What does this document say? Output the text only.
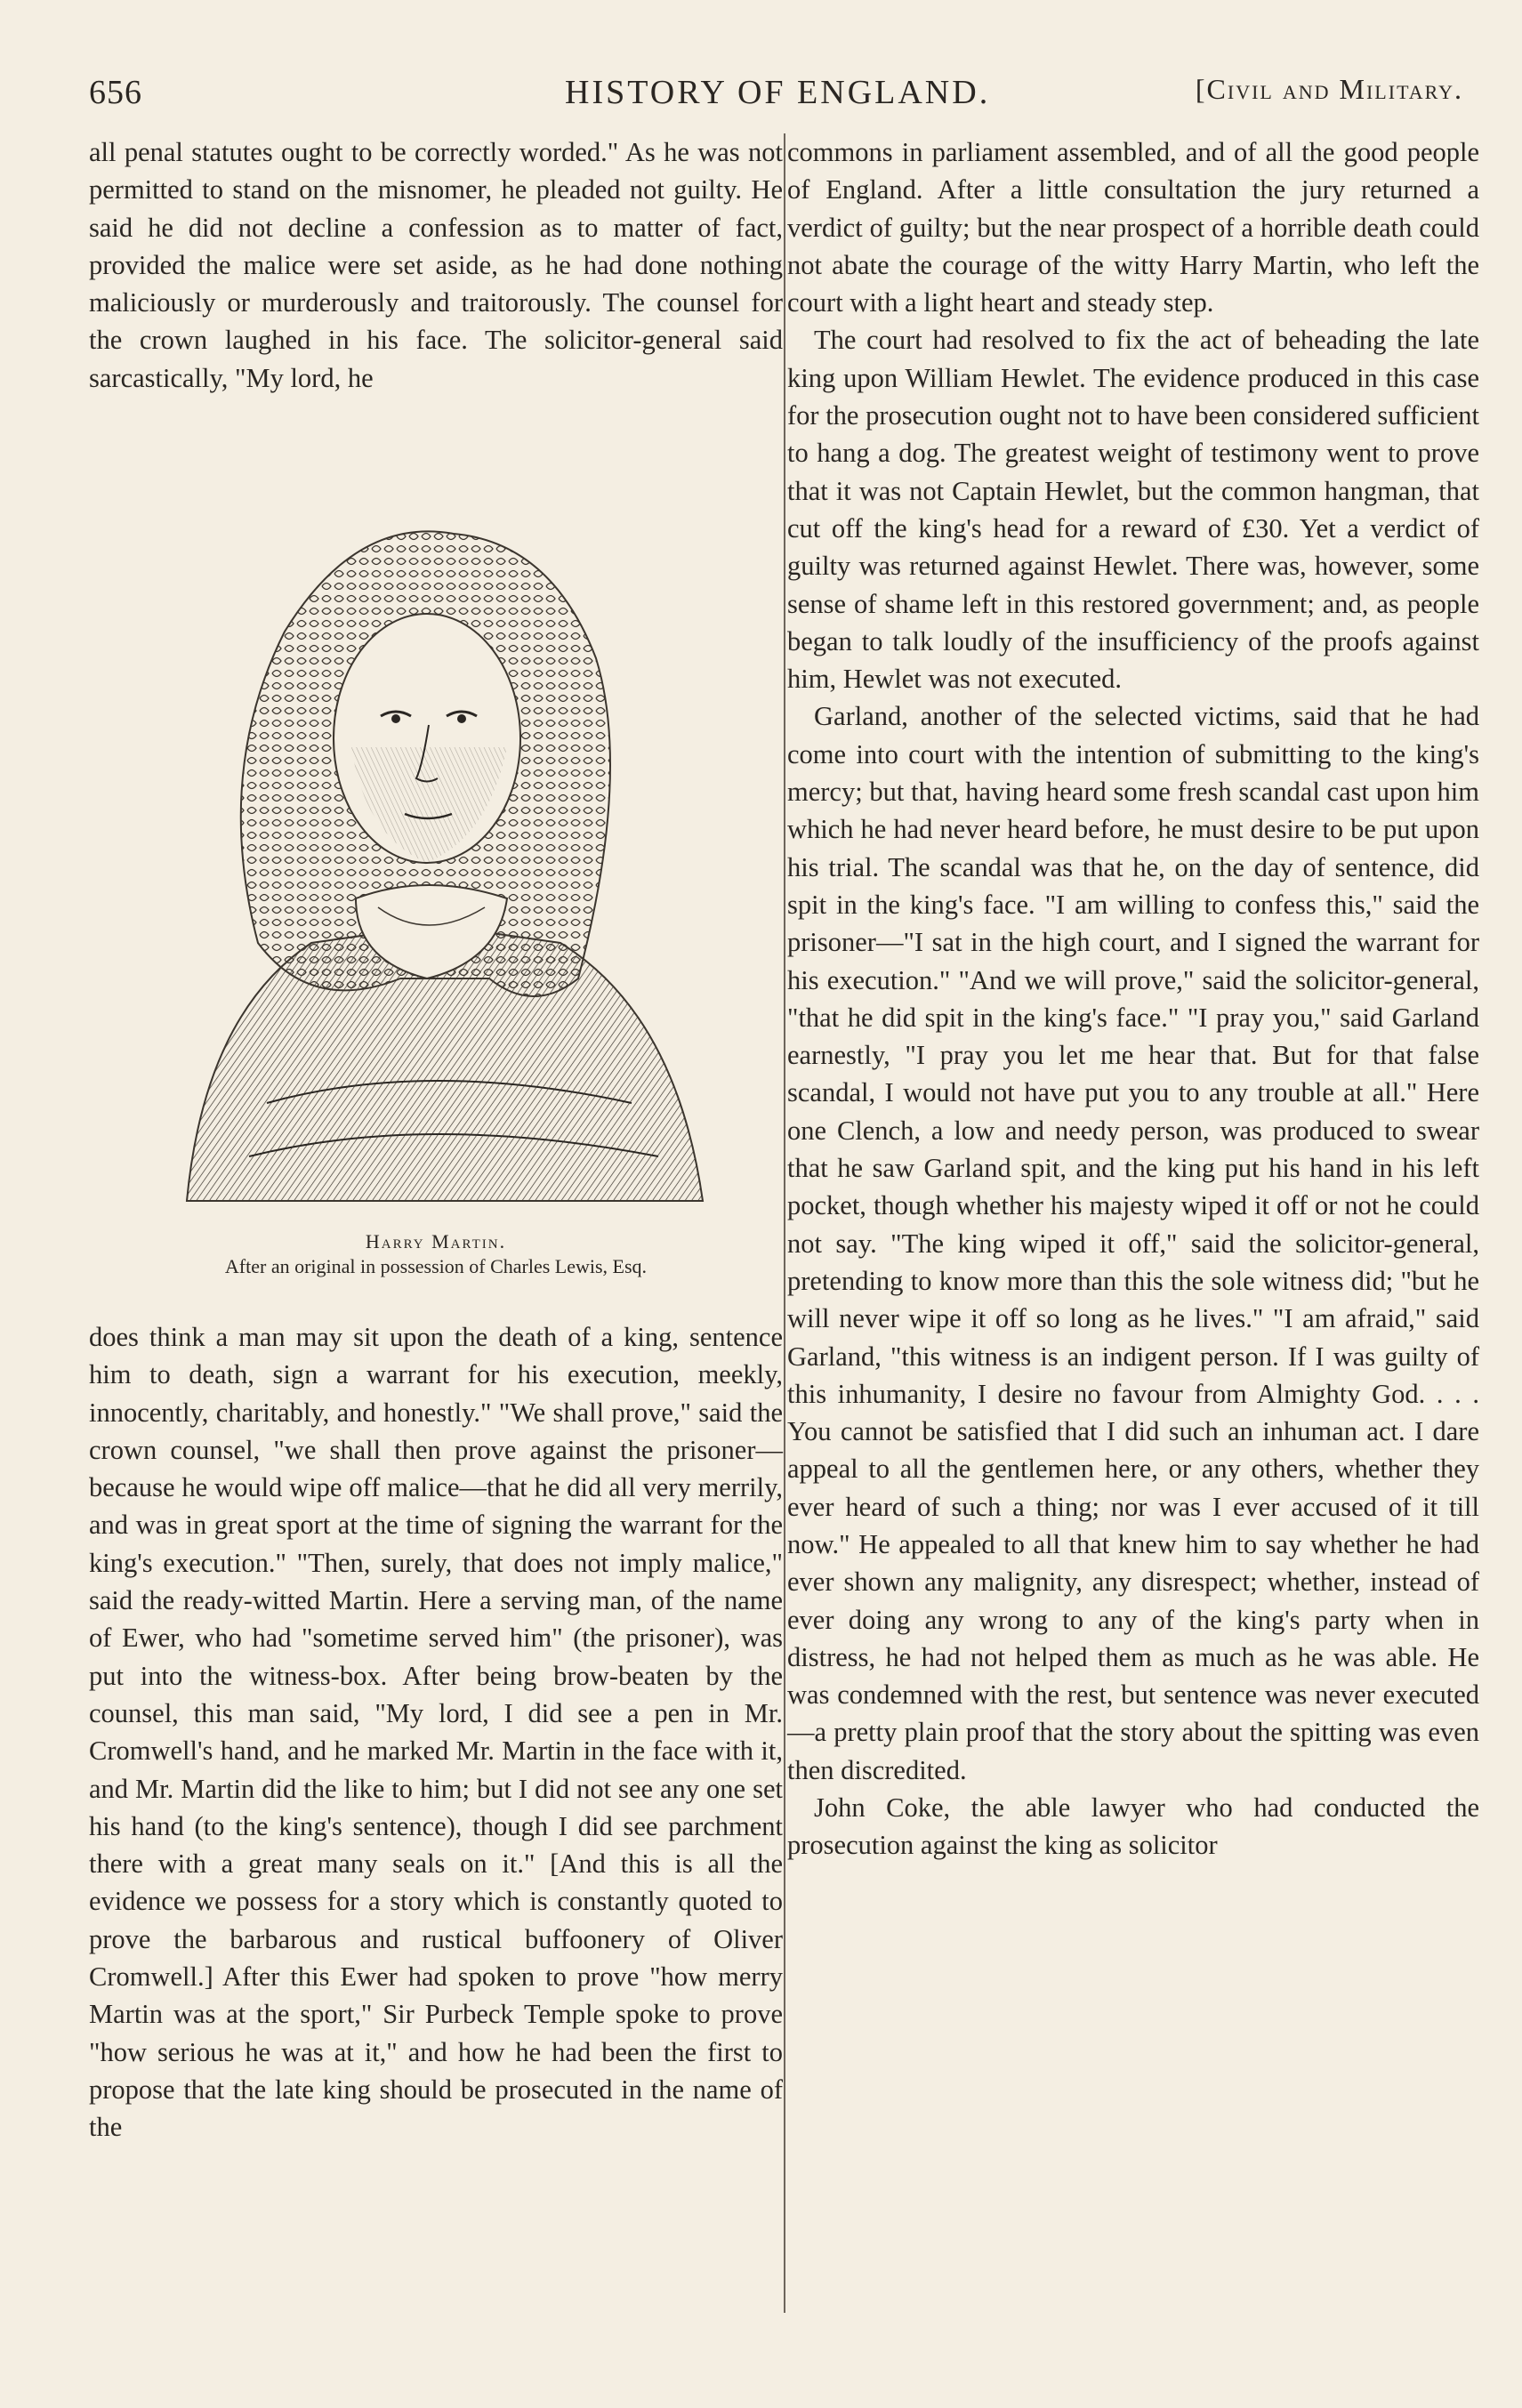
656	HISTORY OF ENGLAND.	[Civil and Military.

all penal statutes ought to be correctly worded." As he was not permitted to stand on the misnomer, he pleaded not guilty. He said he did not decline a confession as to matter of fact, provided the malice were set aside, as he had done nothing maliciously or murderously and traitorously. The counsel for the crown laughed in his face. The solicitor-general said sarcastically, "My lord, he

Harry Martin.
After an original in possession of Charles Lewis, Esq.

does think a man may sit upon the death of a king, sentence him to death, sign a warrant for his execution, meekly, innocently, charitably, and honestly." "We shall prove," said the crown counsel, "we shall then prove against the prisoner—because he would wipe off malice—that he did all very merrily, and was in great sport at the time of signing the warrant for the king's execution." "Then, surely, that does not imply malice," said the ready-witted Martin. Here a serving man, of the name of Ewer, who had "sometime served him" (the prisoner), was put into the witness-box. After being brow-beaten by the counsel, this man said, "My lord, I did see a pen in Mr. Cromwell's hand, and he marked Mr. Martin in the face with it, and Mr. Martin did the like to him; but I did not see any one set his hand (to the king's sentence), though I did see parchment there with a great many seals on it." [And this is all the evidence we possess for a story which is constantly quoted to prove the barbarous and rustical buffoonery of Oliver Cromwell.] After this Ewer had spoken to prove "how merry Martin was at the sport," Sir Purbeck Temple spoke to prove "how serious he was at it," and how he had been the first to propose that the late king should be prosecuted in the name of the

commons in parliament assembled, and of all the good people of England. After a little consultation the jury returned a verdict of guilty; but the near prospect of a horrible death could not abate the courage of the witty Harry Martin, who left the court with a light heart and steady step.

The court had resolved to fix the act of beheading the late king upon William Hewlet. The evidence produced in this case for the prosecution ought not to have been considered sufficient to hang a dog. The greatest weight of testimony went to prove that it was not Captain Hewlet, but the common hangman, that cut off the king's head for a reward of £30. Yet a verdict of guilty was returned against Hewlet. There was, however, some sense of shame left in this restored government; and, as people began to talk loudly of the insufficiency of the proofs against him, Hewlet was not executed.

Garland, another of the selected victims, said that he had come into court with the intention of submitting to the king's mercy; but that, having heard some fresh scandal cast upon him which he had never heard before, he must desire to be put upon his trial. The scandal was that he, on the day of sentence, did spit in the king's face. "I am willing to confess this," said the prisoner—"I sat in the high court, and I signed the warrant for his execution." "And we will prove," said the solicitor-general, "that he did spit in the king's face." "I pray you," said Garland earnestly, "I pray you let me hear that. But for that false scandal, I would not have put you to any trouble at all." Here one Clench, a low and needy person, was produced to swear that he saw Garland spit, and the king put his hand in his left pocket, though whether his majesty wiped it off or not he could not say. "The king wiped it off," said the solicitor-general, pretending to know more than this the sole witness did; "but he will never wipe it off so long as he lives." "I am afraid," said Garland, "this witness is an indigent person. If I was guilty of this inhumanity, I desire no favour from Almighty God. . . . You cannot be satisfied that I did such an inhuman act. I dare appeal to all the gentlemen here, or any others, whether they ever heard of such a thing; nor was I ever accused of it till now." He appealed to all that knew him to say whether he had ever shown any malignity, any disrespect; whether, instead of ever doing any wrong to any of the king's party when in distress, he had not helped them as much as he was able. He was condemned with the rest, but sentence was never executed—a pretty plain proof that the story about the spitting was even then discredited.

John Coke, the able lawyer who had conducted the prosecution against the king as solicitor
